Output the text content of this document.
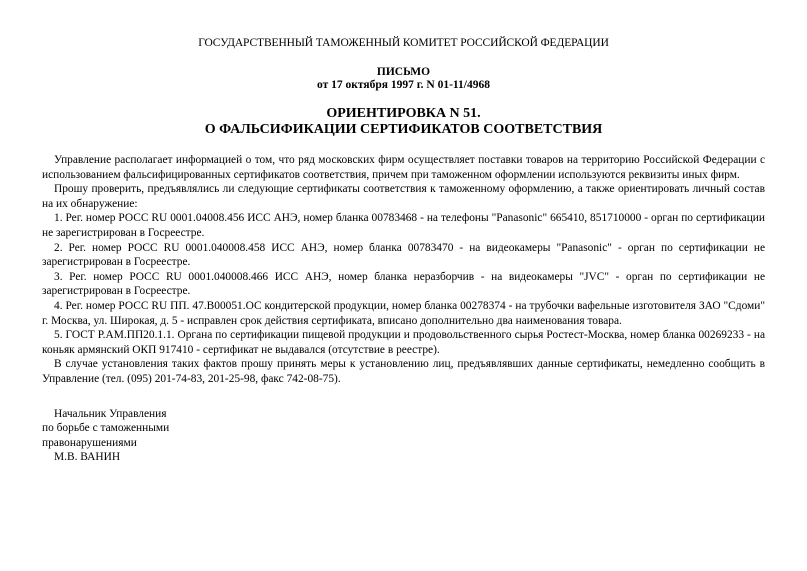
ГОСУДАРСТВЕННЫЙ ТАМОЖЕННЫЙ КОМИТЕТ РОССИЙСКОЙ ФЕДЕРАЦИИ
ПИСЬМО
от 17 октября 1997 г. N 01-11/4968
ОРИЕНТИРОВКА N 51.
О ФАЛЬСИФИКАЦИИ СЕРТИФИКАТОВ СООТВЕТСТВИЯ

Управление располагает информацией о том, что ряд московских фирм осуществляет поставки товаров на территорию Российской Федерации с использованием фальсифицированных сертификатов соответствия, причем при таможенном оформлении используются реквизиты иных фирм.

Прошу проверить, предъявлялись ли следующие сертификаты соответствия к таможенному оформлению, а также ориентировать личный состав на их обнаружение:

1. Рег. номер РОСС RU 0001.04008.456 ИСС АНЭ, номер бланка 00783468 - на телефоны "Panasonic" 665410, 851710000 - орган по сертификации не зарегистрирован в Госреестре.

2. Рег. номер РОСС RU 0001.040008.458 ИСС АНЭ, номер бланка 00783470 - на видеокамеры "Panasonic" - орган по сертификации не зарегистрирован в Госреестре.

3. Рег. номер РОСС RU 0001.040008.466 ИСС АНЭ, номер бланка неразборчив - на видеокамеры "JVC" - орган по сертификации не зарегистрирован в Госреестре.

4. Рег. номер РОСС RU ПП. 47.В00051.ОС кондитерской продукции, номер бланка 00278374 - на трубочки вафельные изготовителя ЗАО "Сдоми" г. Москва, ул. Широкая, д. 5 - исправлен срок действия сертификата, вписано дополнительно два наименования товара.

5. ГОСТ Р.АМ.ПП20.1.1. Органа по сертификации пищевой продукции и продовольственного сырья Ростест-Москва, номер бланка 00269233 - на коньяк армянский ОКП 917410 - сертификат не выдавался (отсутствие в реестре).

В случае установления таких фактов прошу принять меры к установлению лиц, предъявлявших данные сертификаты, немедленно сообщить в Управление (тел. (095) 201-74-83, 201-25-98, факс 742-08-75).

Начальник Управления
по борьбе с таможенными
правонарушениями
М.В. ВАНИН
